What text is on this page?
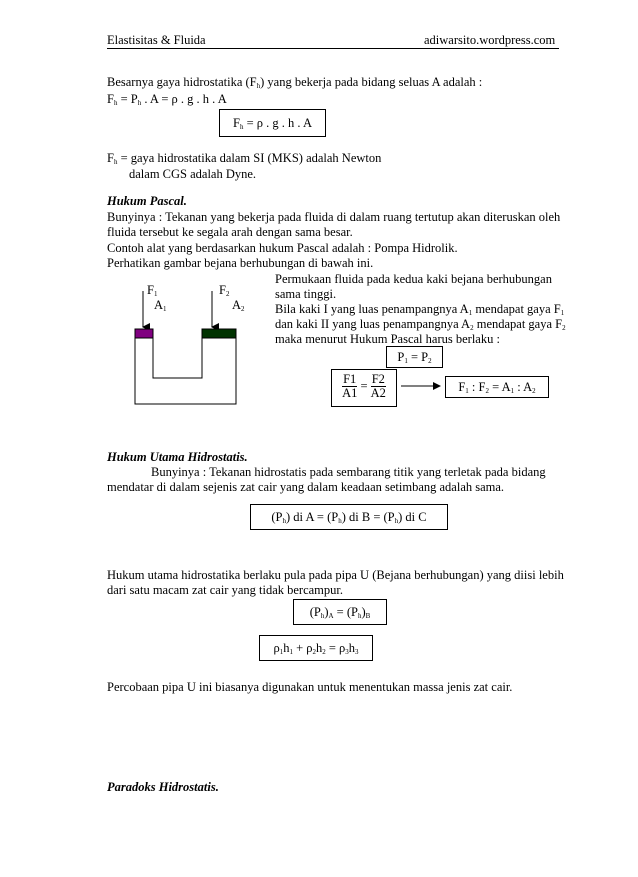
Elastisitas & Fluida	adiwarsito.wordpress.com
Besarnya gaya hidrostatika $(F_h)$ yang bekerja pada bidang seluas A adalah :
$F_h = P_h$ . A = ρ . g . h . A
$F_h = \rho$ . g . h . A
$F_h$ = gaya hidrostatika dalam SI (MKS) adalah Newton
dalam CGS adalah Dyne.
Hukum Pascal.
Bunyinya : Tekanan yang bekerja pada fluida di dalam ruang tertutup akan diteruskan oleh
fluida tersebut ke segala arah dengan sama besar.
Contoh alat yang berdasarkan hukum Pascal adalah : Pompa Hidrolik.
Perhatikan gambar bejana berhubungan di bawah ini.
Permukaan fluida pada kedua kaki bejana berhubungan
sama tinggi.
Bila kaki I yang luas penampangnya $A_1$ mendapat gaya $F_1$
dan kaki II yang luas penampangnya $A_2$ mendapat gaya $F_2$
maka menurut Hukum Pascal harus berlaku :
$F_1$
$A_1$
$F_2$
$A_2$
$P_1 = P_2$
$\frac{F1}{A1} = \frac{F2}{A2}$	$F_1$ : $F_2 = A_1$ : $A_2$
Hukum Utama Hidrostatis.
Bunyinya : Tekanan hidrostatis pada sembarang titik yang terletak pada bidang
mendatar di dalam sejenis zat cair yang dalam keadaan setimbang adalah sama.
$(P_h)$ di $A = (P_h)$ di $B = (P_h)$ di C
Hukum utama hidrostatika berlaku pula pada pipa U (Bejana berhubungan) yang diisi lebih
dari satu macam zat cair yang tidak bercampur.
$(P_h)_A = (P_h)_B$
$\rho_1h_1 + \rho_2h_2 = \rho_3h_3$
Percobaan pipa U ini biasanya digunakan untuk menentukan massa jenis zat cair.
Paradoks Hidrostatis.
